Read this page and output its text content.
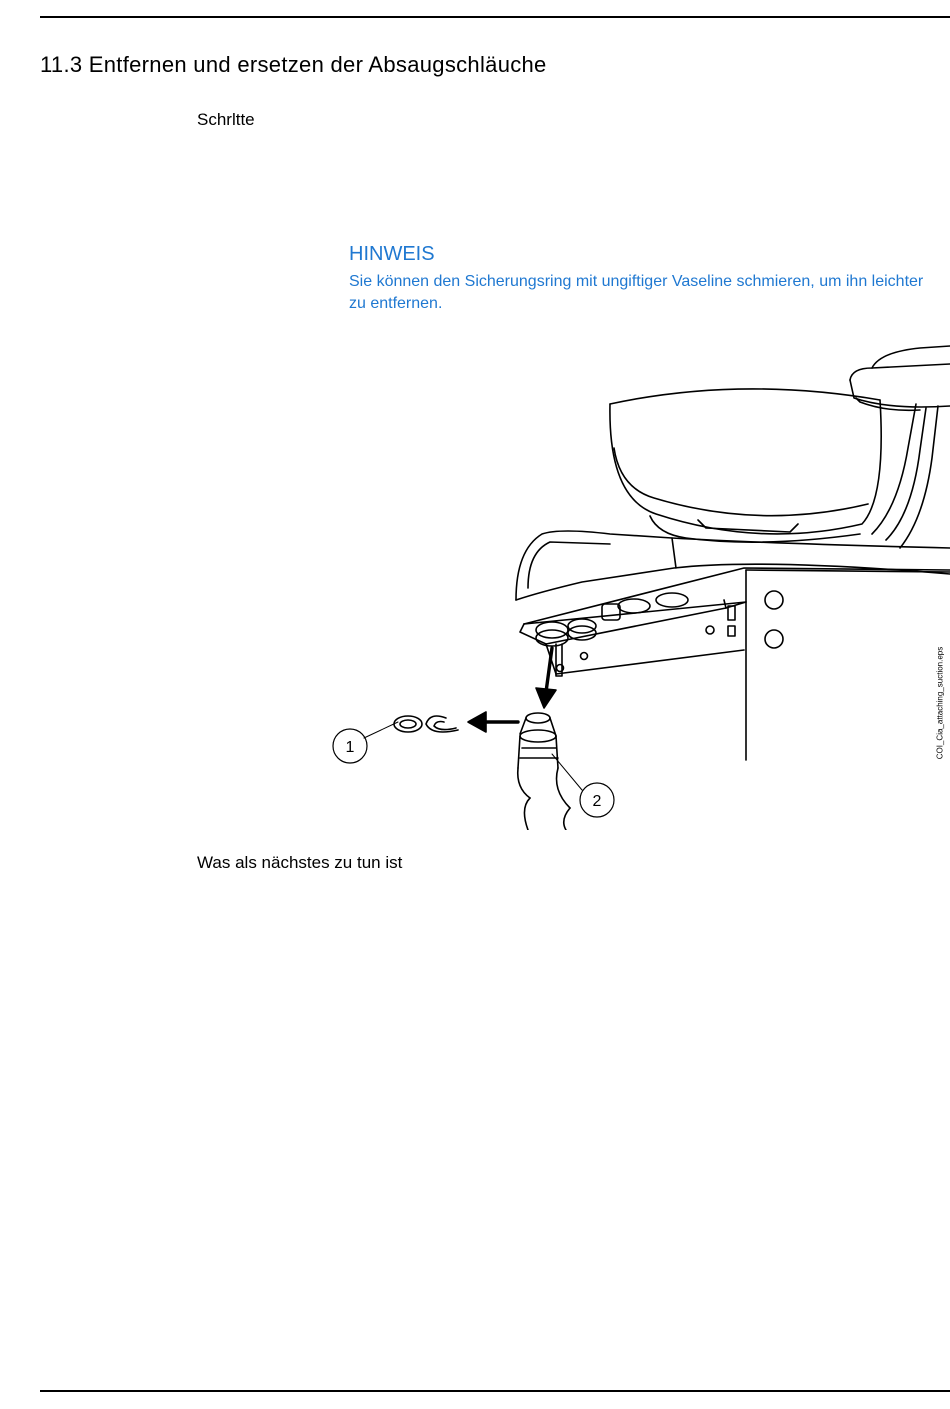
11.3 Entfernen und ersetzen der Absaugschläuche
Schrltte
HINWEIS

Sie können den Sicherungsring mit ungiftiger Vaseline schmieren, um ihn leichter zu entfernen.

1
2
COI_Cia_attaching_suction.eps
Was als nächstes zu tun ist
